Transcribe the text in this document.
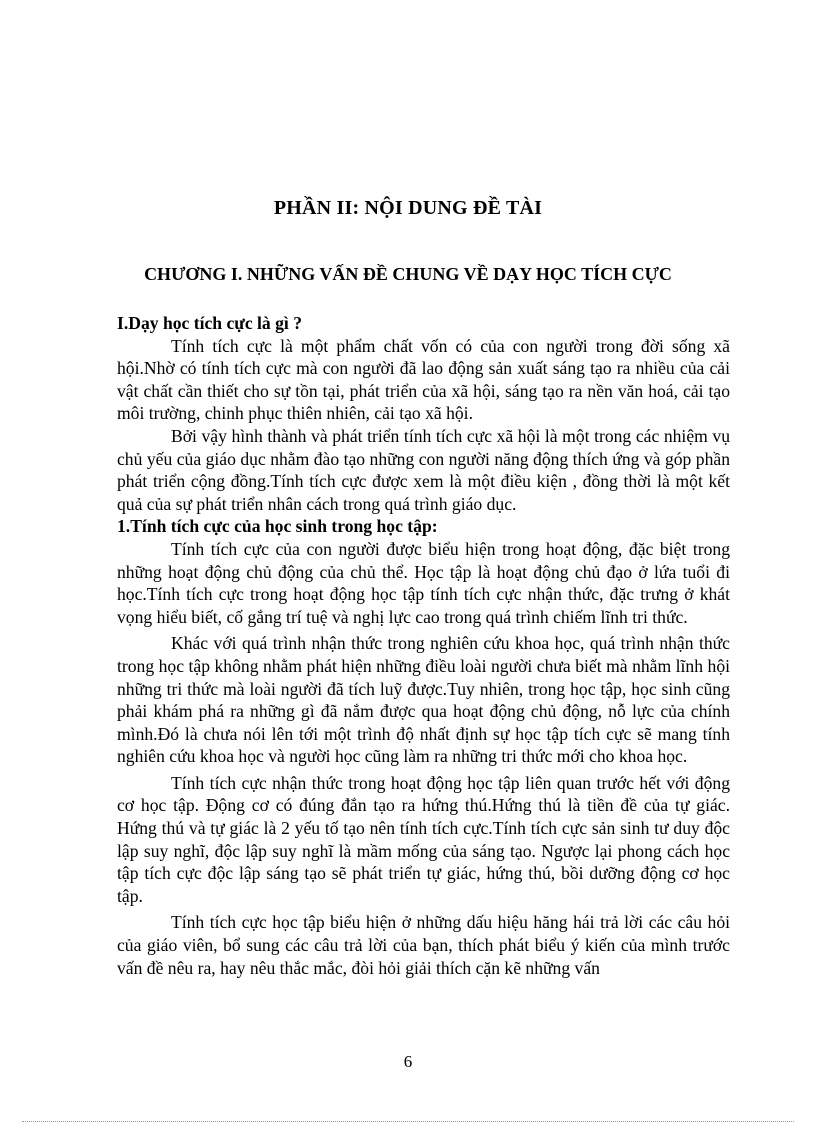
PHẦN II: NỘI DUNG ĐỀ TÀI
CHƯƠNG I. NHỮNG VẤN ĐỀ CHUNG VỀ DẠY HỌC TÍCH CỰC
I.Dạy học tích cực là gì ?

Tính tích cực là một phẩm chất vốn có của con người trong đời sống xã hội.Nhờ có tính tích cực mà con người đã lao động sản xuất sáng tạo ra nhiều của cải vật chất cần thiết cho sự tồn tại, phát triển của xã hội, sáng tạo ra nền văn hoá, cải tạo môi trường, chinh phục thiên nhiên, cải tạo xã hội.

Bởi vậy hình thành và phát triển tính tích cực xã hội là một trong các nhiệm vụ chủ yếu của giáo dục nhằm đào tạo những con người năng động thích ứng và góp phần phát triển cộng đồng.Tính tích cực được xem là một điều kiện , đồng thời là một kết quả của sự phát triển nhân cách trong quá trình giáo dục.

1.Tính tích cực của học sinh trong học tập:

Tính tích cực của con người được biểu hiện trong hoạt động, đặc biệt trong những hoạt động chủ động của chủ thể. Học tập là hoạt động chủ đạo ở lứa tuổi đi học.Tính tích cực trong hoạt động học tập tính tích cực nhận thức, đặc trưng ở khát vọng hiểu biết, cố gắng trí tuệ và nghị lực cao trong quá trình chiếm lĩnh tri thức.

Khác với quá trình nhận thức trong nghiên cứu khoa học, quá trình nhận thức trong học tập không nhằm phát hiện những điều loài người chưa biết mà nhằm lĩnh hội những tri thức mà loài người đã tích luỹ được.Tuy nhiên, trong học tập, học sinh cũng phải khám phá ra những gì đã nắm được qua hoạt động chủ động, nỗ lực của chính mình.Đó là chưa nói lên tới một trình độ nhất định sự học tập tích cực sẽ mang tính nghiên cứu khoa học và người học cũng làm ra những tri thức mới cho khoa học.

Tính tích cực nhận thức trong hoạt động học tập liên quan trước hết với động cơ học tập. Động cơ có đúng đắn tạo ra hứng thú.Hứng thú là tiền đề của tự giác. Hứng thú và tự giác là 2 yếu tố tạo nên tính tích cực.Tính tích cực sản sinh tư duy độc lập suy nghĩ, độc lập suy nghĩ là mầm mống của sáng tạo. Ngược lại phong cách học tập tích cực độc lập sáng tạo sẽ phát triển tự giác, hứng thú, bồi dưỡng động cơ học tập.

Tính tích cực học tập biểu hiện ở những dấu hiệu hăng hái trả lời các câu hỏi của giáo viên, bổ sung các câu trả lời của bạn, thích phát biểu ý kiến của mình trước vấn đề nêu ra, hay nêu thắc mắc, đòi hỏi giải thích cặn kẽ những vấn

6
